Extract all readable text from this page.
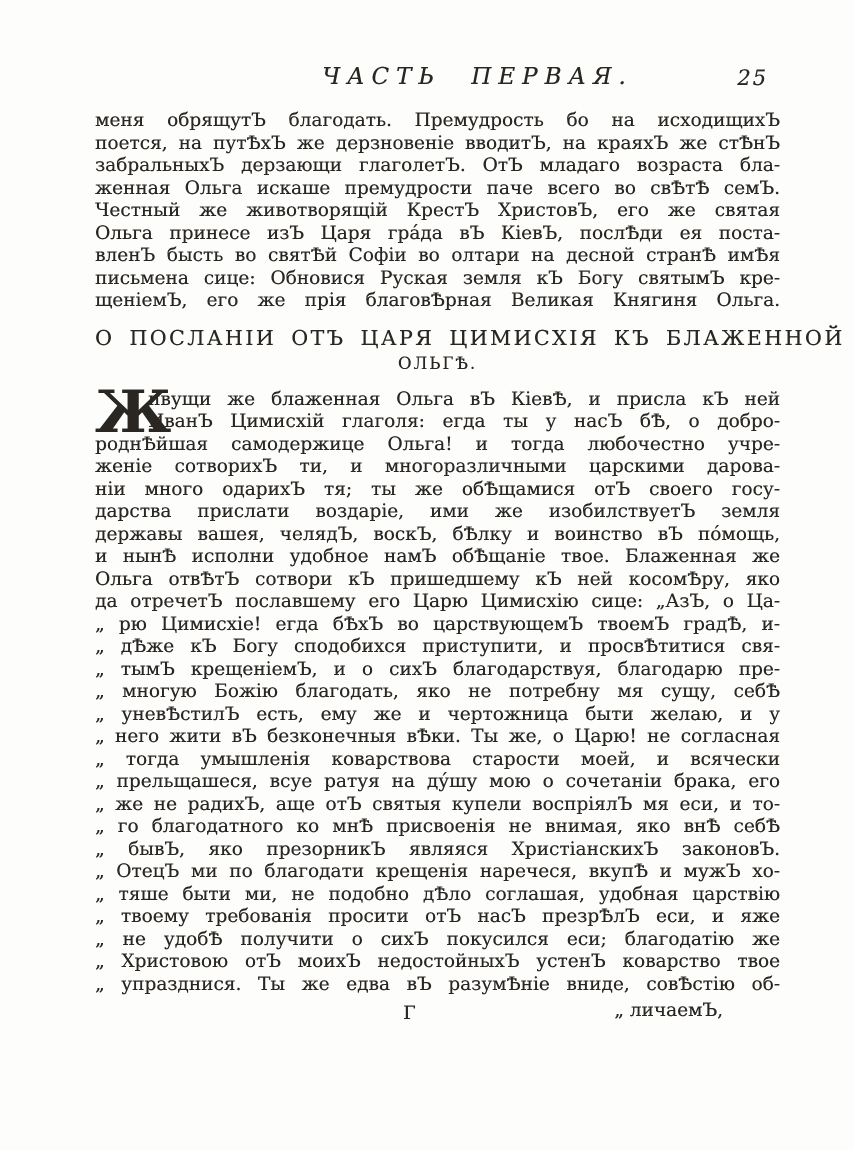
ЧАСТЬ ПЕРВАЯ.	25
меня обрящутЪ благодать. Премудрость бо на исходищихЪ
поется, на путѢхЪ же дерзновеніе вводитЪ, на краяхЪ же стѢнЪ
забральныхЪ дерзающи глаголетЪ. ОтЪ младаго возраста бла-
женная Ольга искаше премудрости паче всего во свѢтѢ семЪ.
Честный же животворящій КрестЪ ХристовЪ, его же святая
Ольга принесе изЪ Царя гра́да вЪ КіевЪ, послѢди ея поста-
вленЪ бысть во святѢй Софіи во олтари на десной странѢ имѢя
письмена сице: Обновися Руская земля кЪ Богу святымЪ кре-
щеніемЪ, его же прія благовѢрная Великая Княгиня Ольга.
О ПОСЛАНІИ ОТЪ ЦАРЯ ЦИМИСХІЯ КЪ БЛАЖЕННОЙ
ОЛЬГѢ.
Ж
ивущи же блаженная Ольга вЪ КіевѢ, и присла кЪ ней
ИванЪ Цимисхій глаголя: егда ты у насЪ бѢ, о добро-
роднѢйшая самодержице Ольга! и тогда любочестно учре-
женіе сотворихЪ ти, и многоразличными царскими дарова-
ніи много одарихЪ тя; ты же обѢщамися отЪ своего госу-
дарства прислати воздаріе, ими же изобилствуетЪ земля
державы вашея, челядЪ, воскЪ, бѢлку и воинство вЪ по́мощь,
и нынѢ исполни удобное намЪ обѢщаніе твое. Блаженная же
Ольга отвѢтЪ сотвори кЪ пришедшему кЪ ней косомѢру, яко
да отречетЪ пославшему его Царю Цимисхію сице: „АзЪ, о Ца-
„ рю Цимисхіе! егда бѢхЪ во царствующемЪ твоемЪ градѢ, и-
„ дѢже кЪ Богу сподобихся приступити, и просвѢтитися свя-
„ тымЪ крещеніемЪ, и о сихЪ благодарствуя, благодарю пре-
„ многую Божію благодать, яко не потребну мя сущу, себѢ
„ уневѢстилЪ есть, ему же и чертожница быти желаю, и у
„ него жити вЪ безконечныя вѢки. Ты же, о Царю! не согласная
„ тогда умышленія коварствова старости моей, и всячески
„ прельщашеся, всуе ратуя на ду́шу мою о сочетаніи брака, его
„ же не радихЪ, аще отЪ святыя купели воспріялЪ мя еси, и то-
„ го благодатного ко мнѢ присвоенія не внимая, яко внѢ себѢ
„ бывЪ, яко презорникЪ являяся ХристіанскихЪ законовЪ.
„ ОтецЪ ми по благодати крещенія наречеся, вкупѢ и мужЪ хо-
„ тяше быти ми, не подобно дѢло соглашая, удобная царствію
„ твоему требованія просити отЪ насЪ презрѢлЪ еси, и яже
„ не удобѢ получити о сихЪ покусился еси; благодатію же
„ Христовою отЪ моихЪ недостойныхЪ устенЪ коварство твое
„ упразднися. Ты же едва вЪ разумѢніе вниде, совѢстію об-
Г	„ личаемЪ,
